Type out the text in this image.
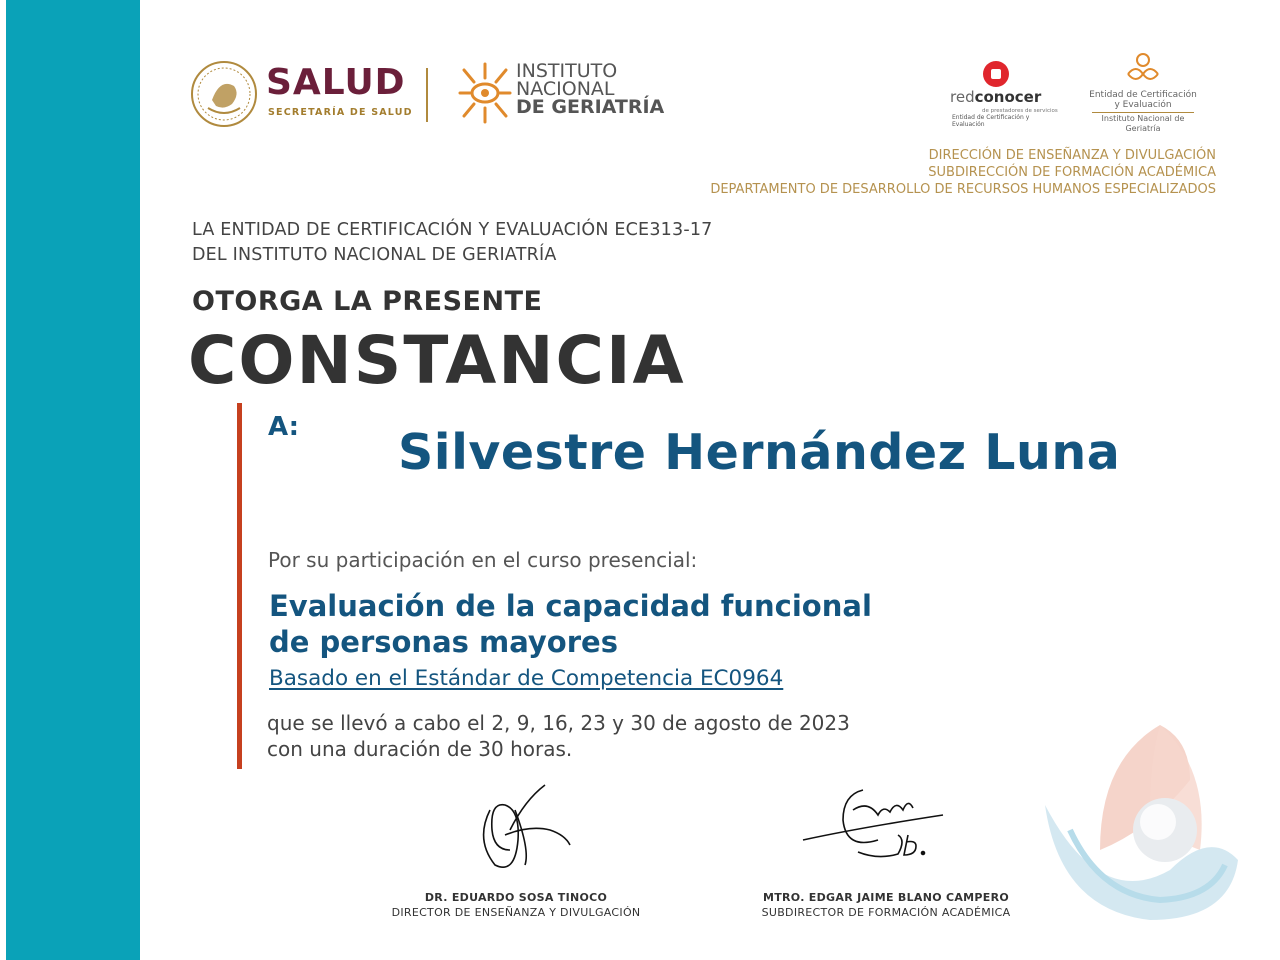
SALUD
SECRETARÍA DE SALUD
INSTITUTO
NACIONAL
DE GERIATRÍA	redconocer
de prestadores de servicios
Entidad de Certificación y Evaluación
Entidad de Certificación
y Evaluación
Instituto Nacional de Geriatría
DIRECCIÓN DE ENSEÑANZA Y DIVULGACIÓN
SUBDIRECCIÓN DE FORMACIÓN ACADÉMICA
DEPARTAMENTO DE DESARROLLO DE RECURSOS HUMANOS ESPECIALIZADOS
LA ENTIDAD DE CERTIFICACIÓN Y EVALUACIÓN ECE313-17
DEL INSTITUTO NACIONAL DE GERIATRÍA
OTORGA LA PRESENTE
CONSTANCIA
A: Silvestre Hernández Luna
Por su participación en el curso presencial:
Evaluación de la capacidad funcional
de personas mayores
Basado en el Estándar de Competencia EC0964
que se llevó a cabo el 2, 9, 16, 23 y 30 de agosto de 2023
con una duración de 30 horas.
DR. EDUARDO SOSA TINOCO
DIRECTOR DE ENSEÑANZA Y DIVULGACIÓN
MTRO. EDGAR JAIME BLANO CAMPERO
SUBDIRECTOR DE FORMACIÓN ACADÉMICA
